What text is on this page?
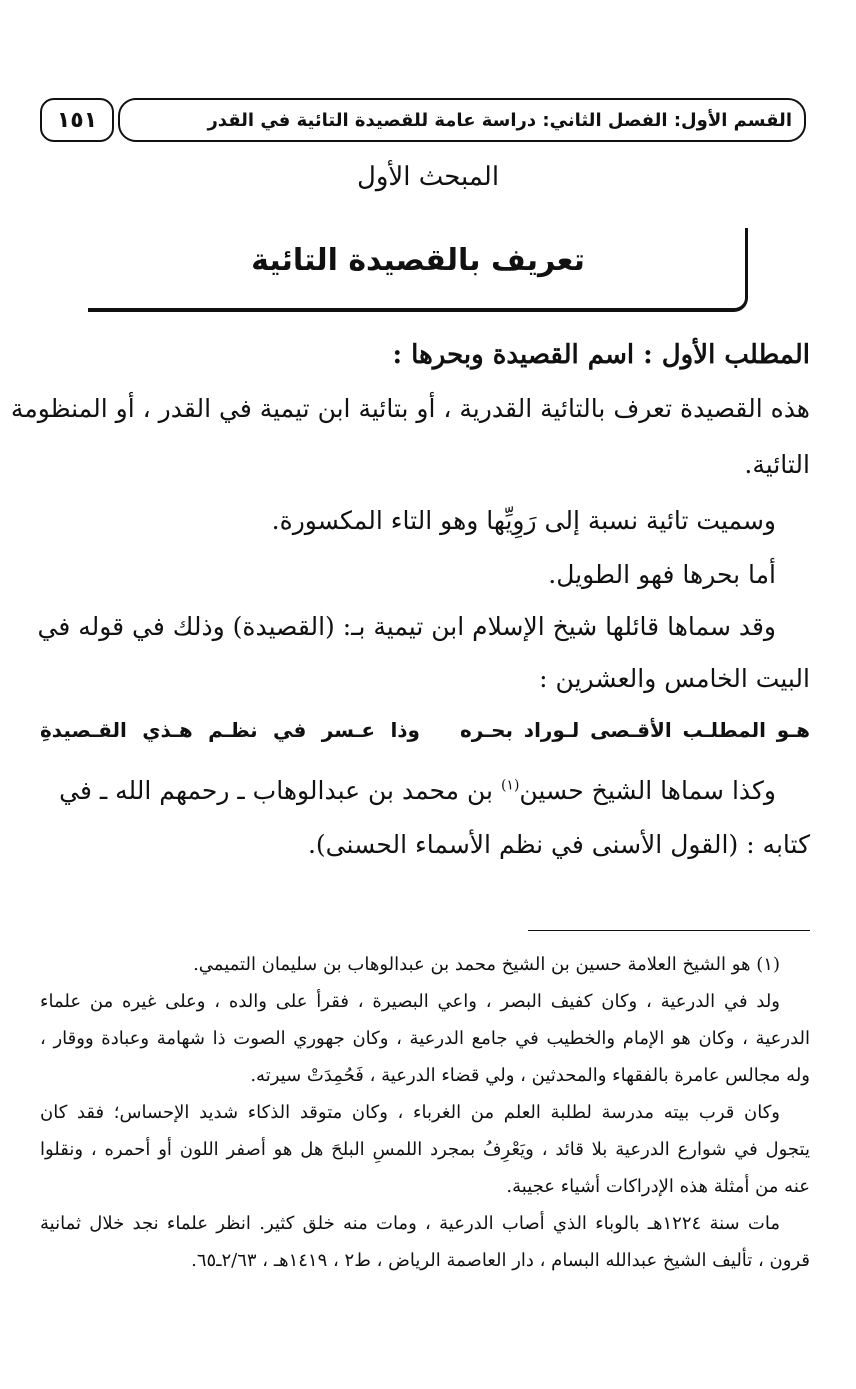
القسم الأول: الفصل الثاني: دراسة عامة للقصيدة التائية في القدر
١٥١
المبحث الأول
تعريف بالقصيدة التائية
المطلب الأول : اسم القصيدة وبحرها :
هذه القصيدة تعرف بالتائية القدرية ، أو بتائية ابن تيمية في القدر ، أو المنظومة
التائية.
وسميت تائية نسبة إلى رَوِيِّها وهو التاء المكسورة.
أما بحرها فهو الطويل.
وقد سماها قائلها شيخ الإسلام ابن تيمية بـ: (القصيدة) وذلك في قوله في
البيت الخامس والعشرين :
هـو المطلـب الأقـصى لـوراد بحـره
وذا عـسر في نظـم هـذي القـصيدةِ
وكذا سماها الشيخ حسين$^{(١)}$ بن محمد بن عبدالوهاب ـ رحمهم الله ـ في
كتابه : (القول الأسنى في نظم الأسماء الحسنى).
(١) هو الشيخ العلامة حسين بن الشيخ محمد بن عبدالوهاب بن سليمان التميمي.
ولد في الدرعية ، وكان كفيف البصر ، واعي البصيرة ، فقرأ على والده ، وعلى غيره من علماء
الدرعية ، وكان هو الإمام والخطيب في جامع الدرعية ، وكان جهوري الصوت ذا شهامة وعبادة ووقار ،
وله مجالس عامرة بالفقهاء والمحدثين ، ولي قضاء الدرعية ، فَحُمِدَتْ سيرته.
وكان قرب بيته مدرسة لطلبة العلم من الغرباء ، وكان متوقد الذكاء شديد الإحساس؛ فقد كان
يتجول في شوارع الدرعية بلا قائد ، ويَعْرِفُ بمجرد اللمسِ البلحَ هل هو أصفر اللون أو أحمره ، ونقلوا
عنه من أمثلة هذه الإدراكات أشياء عجيبة.
مات سنة ١٢٢٤هـ بالوباء الذي أصاب الدرعية ، ومات منه خلق كثير. انظر علماء نجد خلال ثمانية
قرون ، تأليف الشيخ عبدالله البسام ، دار العاصمة الرياض ، ط٢ ، ١٤١٩هـ ، ٢/٦٣ـ٦٥.
